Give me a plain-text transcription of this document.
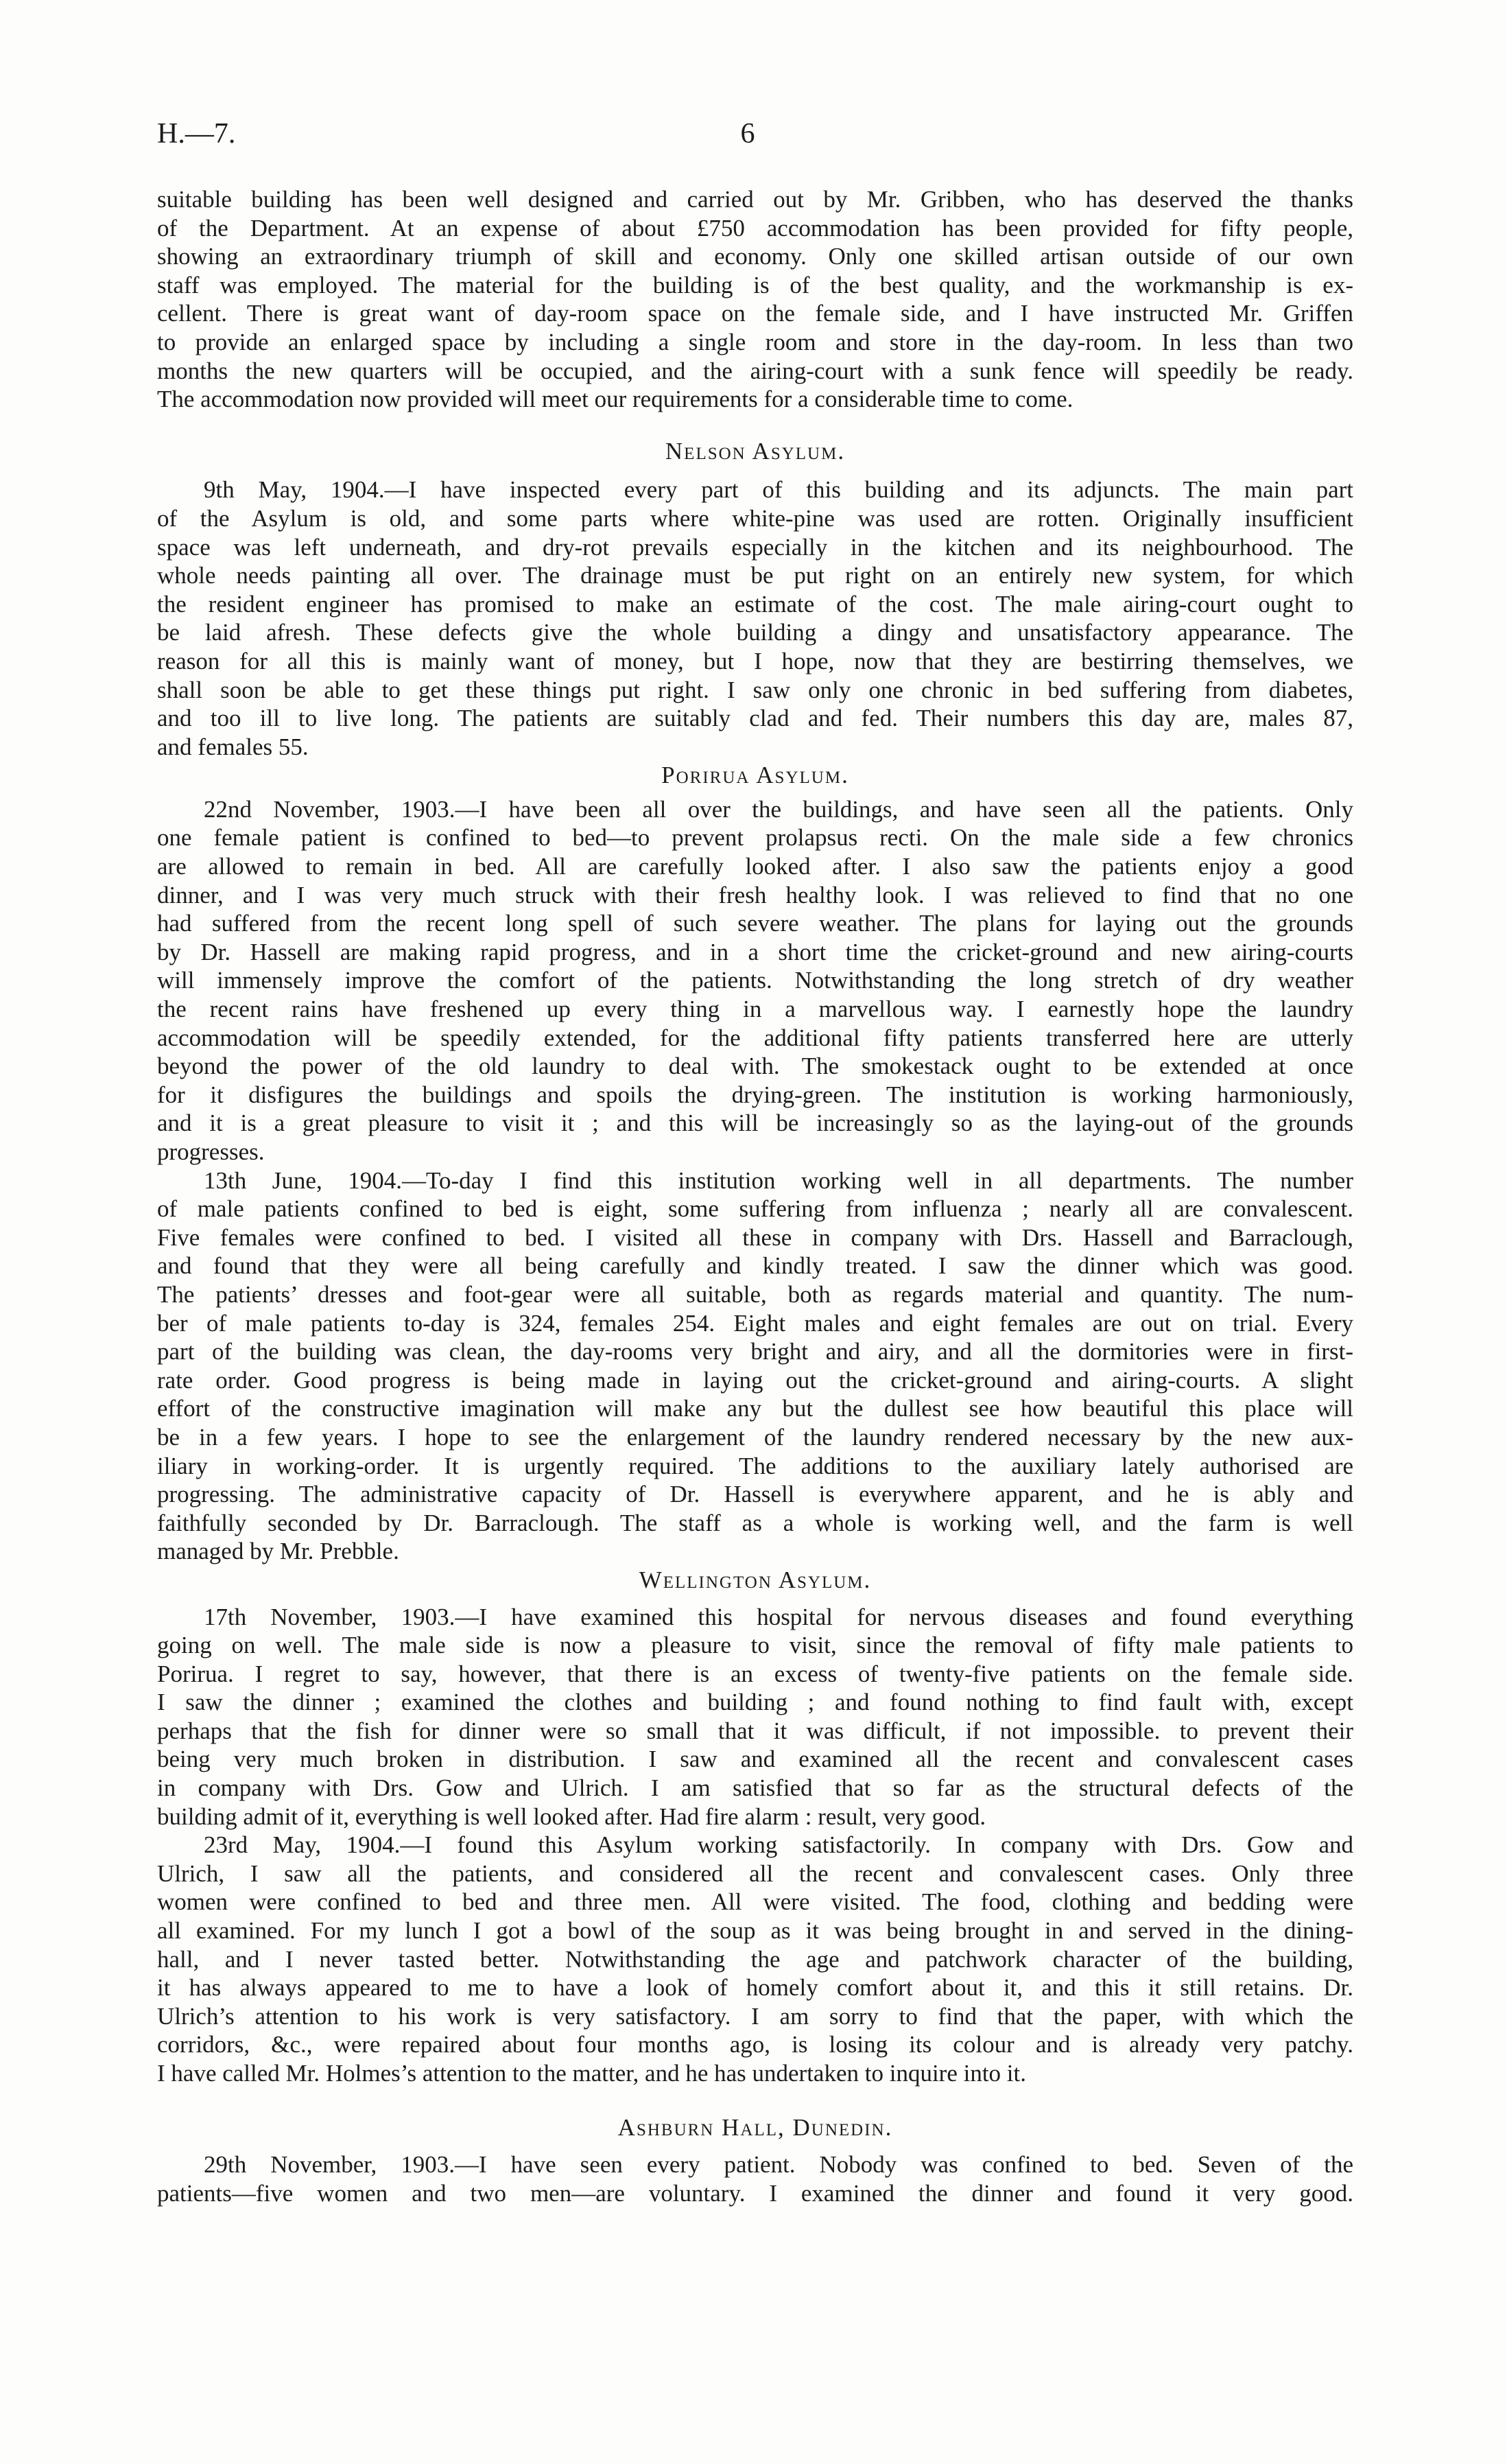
H.—7.	6
suitable building has been well designed and carried out by Mr. Gribben, who has deserved the thanks
of the Department. At an expense of about £750 accommodation has been provided for fifty people,
showing an extraordinary triumph of skill and economy. Only one skilled artisan outside of our own
staff was employed. The material for the building is of the best quality, and the workmanship is ex-
cellent. There is great want of day-room space on the female side, and I have instructed Mr. Griffen
to provide an enlarged space by including a single room and store in the day-room. In less than two
months the new quarters will be occupied, and the airing-court with a sunk fence will speedily be ready.
The accommodation now provided will meet our requirements for a considerable time to come.
Nelson Asylum.
9th May, 1904.—I have inspected every part of this building and its adjuncts. The main part
of the Asylum is old, and some parts where white-pine was used are rotten. Originally insufficient
space was left underneath, and dry-rot prevails especially in the kitchen and its neighbourhood. The
whole needs painting all over. The drainage must be put right on an entirely new system, for which
the resident engineer has promised to make an estimate of the cost. The male airing-court ought to
be laid afresh. These defects give the whole building a dingy and unsatisfactory appearance. The
reason for all this is mainly want of money, but I hope, now that they are bestirring themselves, we
shall soon be able to get these things put right. I saw only one chronic in bed suffering from diabetes,
and too ill to live long. The patients are suitably clad and fed. Their numbers this day are, males 87,
and females 55.
Porirua Asylum.
22nd November, 1903.—I have been all over the buildings, and have seen all the patients. Only
one female patient is confined to bed—to prevent prolapsus recti. On the male side a few chronics
are allowed to remain in bed. All are carefully looked after. I also saw the patients enjoy a good
dinner, and I was very much struck with their fresh healthy look. I was relieved to find that no one
had suffered from the recent long spell of such severe weather. The plans for laying out the grounds
by Dr. Hassell are making rapid progress, and in a short time the cricket-ground and new airing-courts
will immensely improve the comfort of the patients. Notwithstanding the long stretch of dry weather
the recent rains have freshened up every thing in a marvellous way. I earnestly hope the laundry
accommodation will be speedily extended, for the additional fifty patients transferred here are utterly
beyond the power of the old laundry to deal with. The smokestack ought to be extended at once
for it disfigures the buildings and spoils the drying-green. The institution is working harmoniously,
and it is a great pleasure to visit it ; and this will be increasingly so as the laying-out of the grounds
progresses.
13th June, 1904.—To-day I find this institution working well in all departments. The number
of male patients confined to bed is eight, some suffering from influenza ; nearly all are convalescent.
Five females were confined to bed. I visited all these in company with Drs. Hassell and Barraclough,
and found that they were all being carefully and kindly treated. I saw the dinner which was good.
The patients’ dresses and foot-gear were all suitable, both as regards material and quantity. The num-
ber of male patients to-day is 324, females 254. Eight males and eight females are out on trial. Every
part of the building was clean, the day-rooms very bright and airy, and all the dormitories were in first-
rate order. Good progress is being made in laying out the cricket-ground and airing-courts. A slight
effort of the constructive imagination will make any but the dullest see how beautiful this place will
be in a few years. I hope to see the enlargement of the laundry rendered necessary by the new aux-
iliary in working-order. It is urgently required. The additions to the auxiliary lately authorised are
progressing. The administrative capacity of Dr. Hassell is everywhere apparent, and he is ably and
faithfully seconded by Dr. Barraclough. The staff as a whole is working well, and the farm is well
managed by Mr. Prebble.
Wellington Asylum.
17th November, 1903.—I have examined this hospital for nervous diseases and found everything
going on well. The male side is now a pleasure to visit, since the removal of fifty male patients to
Porirua. I regret to say, however, that there is an excess of twenty-five patients on the female side.
I saw the dinner ; examined the clothes and building ; and found nothing to find fault with, except
perhaps that the fish for dinner were so small that it was difficult, if not impossible. to prevent their
being very much broken in distribution. I saw and examined all the recent and convalescent cases
in company with Drs. Gow and Ulrich. I am satisfied that so far as the structural defects of the
building admit of it, everything is well looked after. Had fire alarm : result, very good.
23rd May, 1904.—I found this Asylum working satisfactorily. In company with Drs. Gow and
Ulrich, I saw all the patients, and considered all the recent and convalescent cases. Only three
women were confined to bed and three men. All were visited. The food, clothing and bedding were
all examined. For my lunch I got a bowl of the soup as it was being brought in and served in the dining-
hall, and I never tasted better. Notwithstanding the age and patchwork character of the building,
it has always appeared to me to have a look of homely comfort about it, and this it still retains. Dr.
Ulrich’s attention to his work is very satisfactory. I am sorry to find that the paper, with which the
corridors, &c., were repaired about four months ago, is losing its colour and is already very patchy.
I have called Mr. Holmes’s attention to the matter, and he has undertaken to inquire into it.
Ashburn Hall, Dunedin.
29th November, 1903.—I have seen every patient. Nobody was confined to bed. Seven of the
patients—five women and two men—are voluntary. I examined the dinner and found it very good.
